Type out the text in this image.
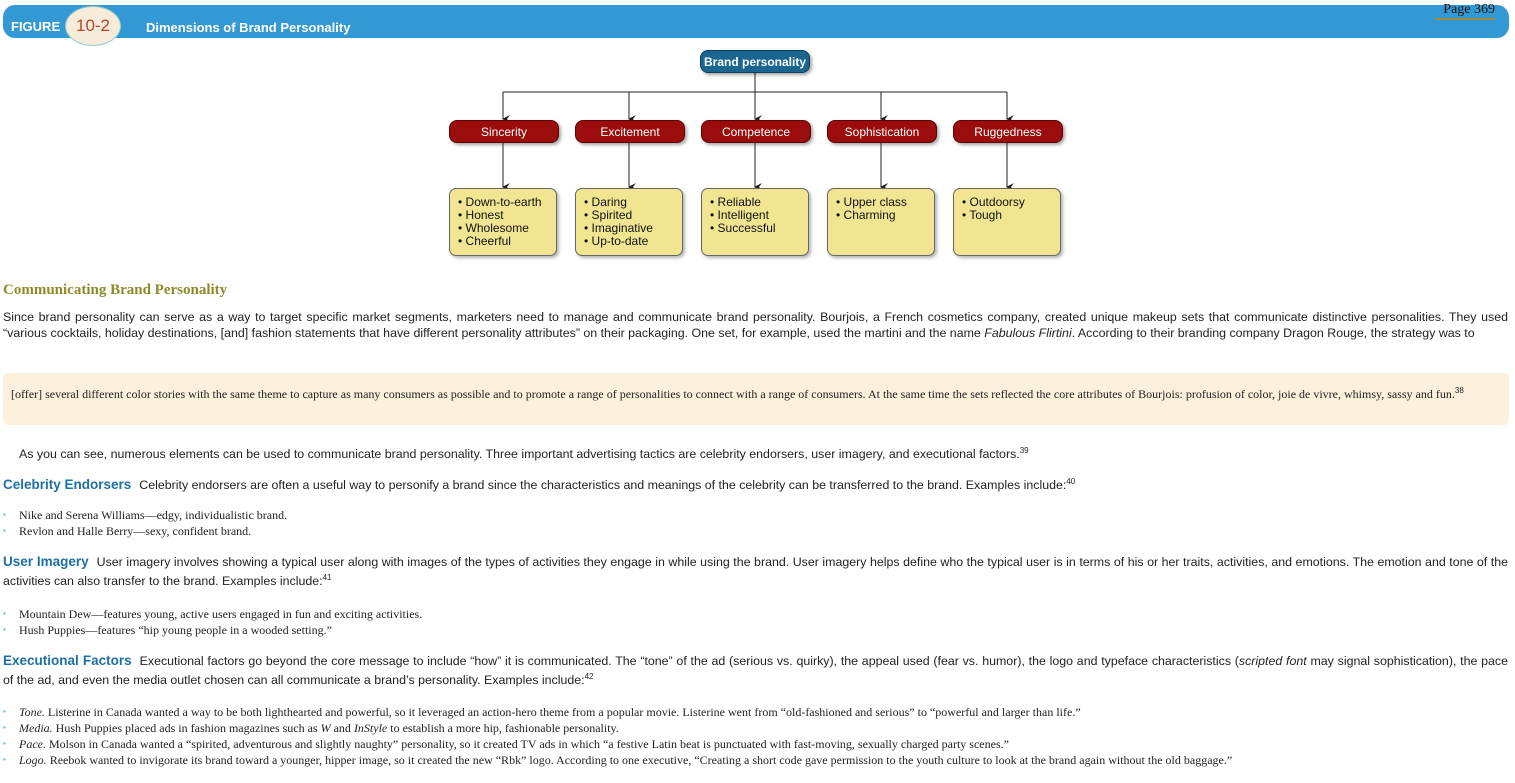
FIGURE 10-2	Dimensions of Brand Personality
Page 369
Brand personality
Sincerity	Excitement	Competence	Sophistication	Ruggedness
• Down-to-earth
• Honest
• Wholesome
• Cheerful
• Daring
• Spirited
• Imaginative
• Up-to-date
• Reliable
• Intelligent
• Successful
• Upper class
• Charming
• Outdoorsy
• Tough
Communicating Brand Personality
Since brand personality can serve as a way to target specific market segments, marketers need to manage and communicate brand personality. Bourjois, a French cosmetics company, created unique makeup sets that communicate distinctive personalities. They used “various cocktails, holiday destinations, [and] fashion statements that have different personality attributes” on their packaging. One set, for example, used the martini and the name Fabulous Flirtini. According to their branding company Dragon Rouge, the strategy was to
[offer] several different color stories with the same theme to capture as many consumers as possible and to promote a range of personalities to connect with a range of consumers. At the same time the sets reflected the core attributes of Bourjois: profusion of color, joie de vivre, whimsy, sassy and fun.$^{38}$
As you can see, numerous elements can be used to communicate brand personality. Three important advertising tactics are celebrity endorsers, user imagery, and executional factors.$^{39}$
Celebrity Endorsers Celebrity endorsers are often a useful way to personify a brand since the characteristics and meanings of the celebrity can be transferred to the brand. Examples include:$^{40}$
▪ Nike and Serena Williams—edgy, individualistic brand.
▪ Revlon and Halle Berry—sexy, confident brand.
User Imagery User imagery involves showing a typical user along with images of the types of activities they engage in while using the brand. User imagery helps define who the typical user is in terms of his or her traits, activities, and emotions. The emotion and tone of the activities can also transfer to the brand. Examples include:$^{41}$
▪ Mountain Dew—features young, active users engaged in fun and exciting activities.
▪ Hush Puppies—features “hip young people in a wooded setting.”
Executional Factors Executional factors go beyond the core message to include “how” it is communicated. The “tone” of the ad (serious vs. quirky), the appeal used (fear vs. humor), the logo and typeface characteristics (scripted font may signal sophistication), the pace of the ad, and even the media outlet chosen can all communicate a brand’s personality. Examples include:$^{42}$
▪ Tone. Listerine in Canada wanted a way to be both lighthearted and powerful, so it leveraged an action-hero theme from a popular movie. Listerine went from “old-fashioned and serious” to “powerful and larger than life.”
▪ Media. Hush Puppies placed ads in fashion magazines such as W and InStyle to establish a more hip, fashionable personality.
▪ Pace. Molson in Canada wanted a “spirited, adventurous and slightly naughty” personality, so it created TV ads in which “a festive Latin beat is punctuated with fast-moving, sexually charged party scenes.”
▪ Logo. Reebok wanted to invigorate its brand toward a younger, hipper image, so it created the new “Rbk” logo. According to one executive, “Creating a short code gave permission to the youth culture to look at the brand again without the old baggage.”
